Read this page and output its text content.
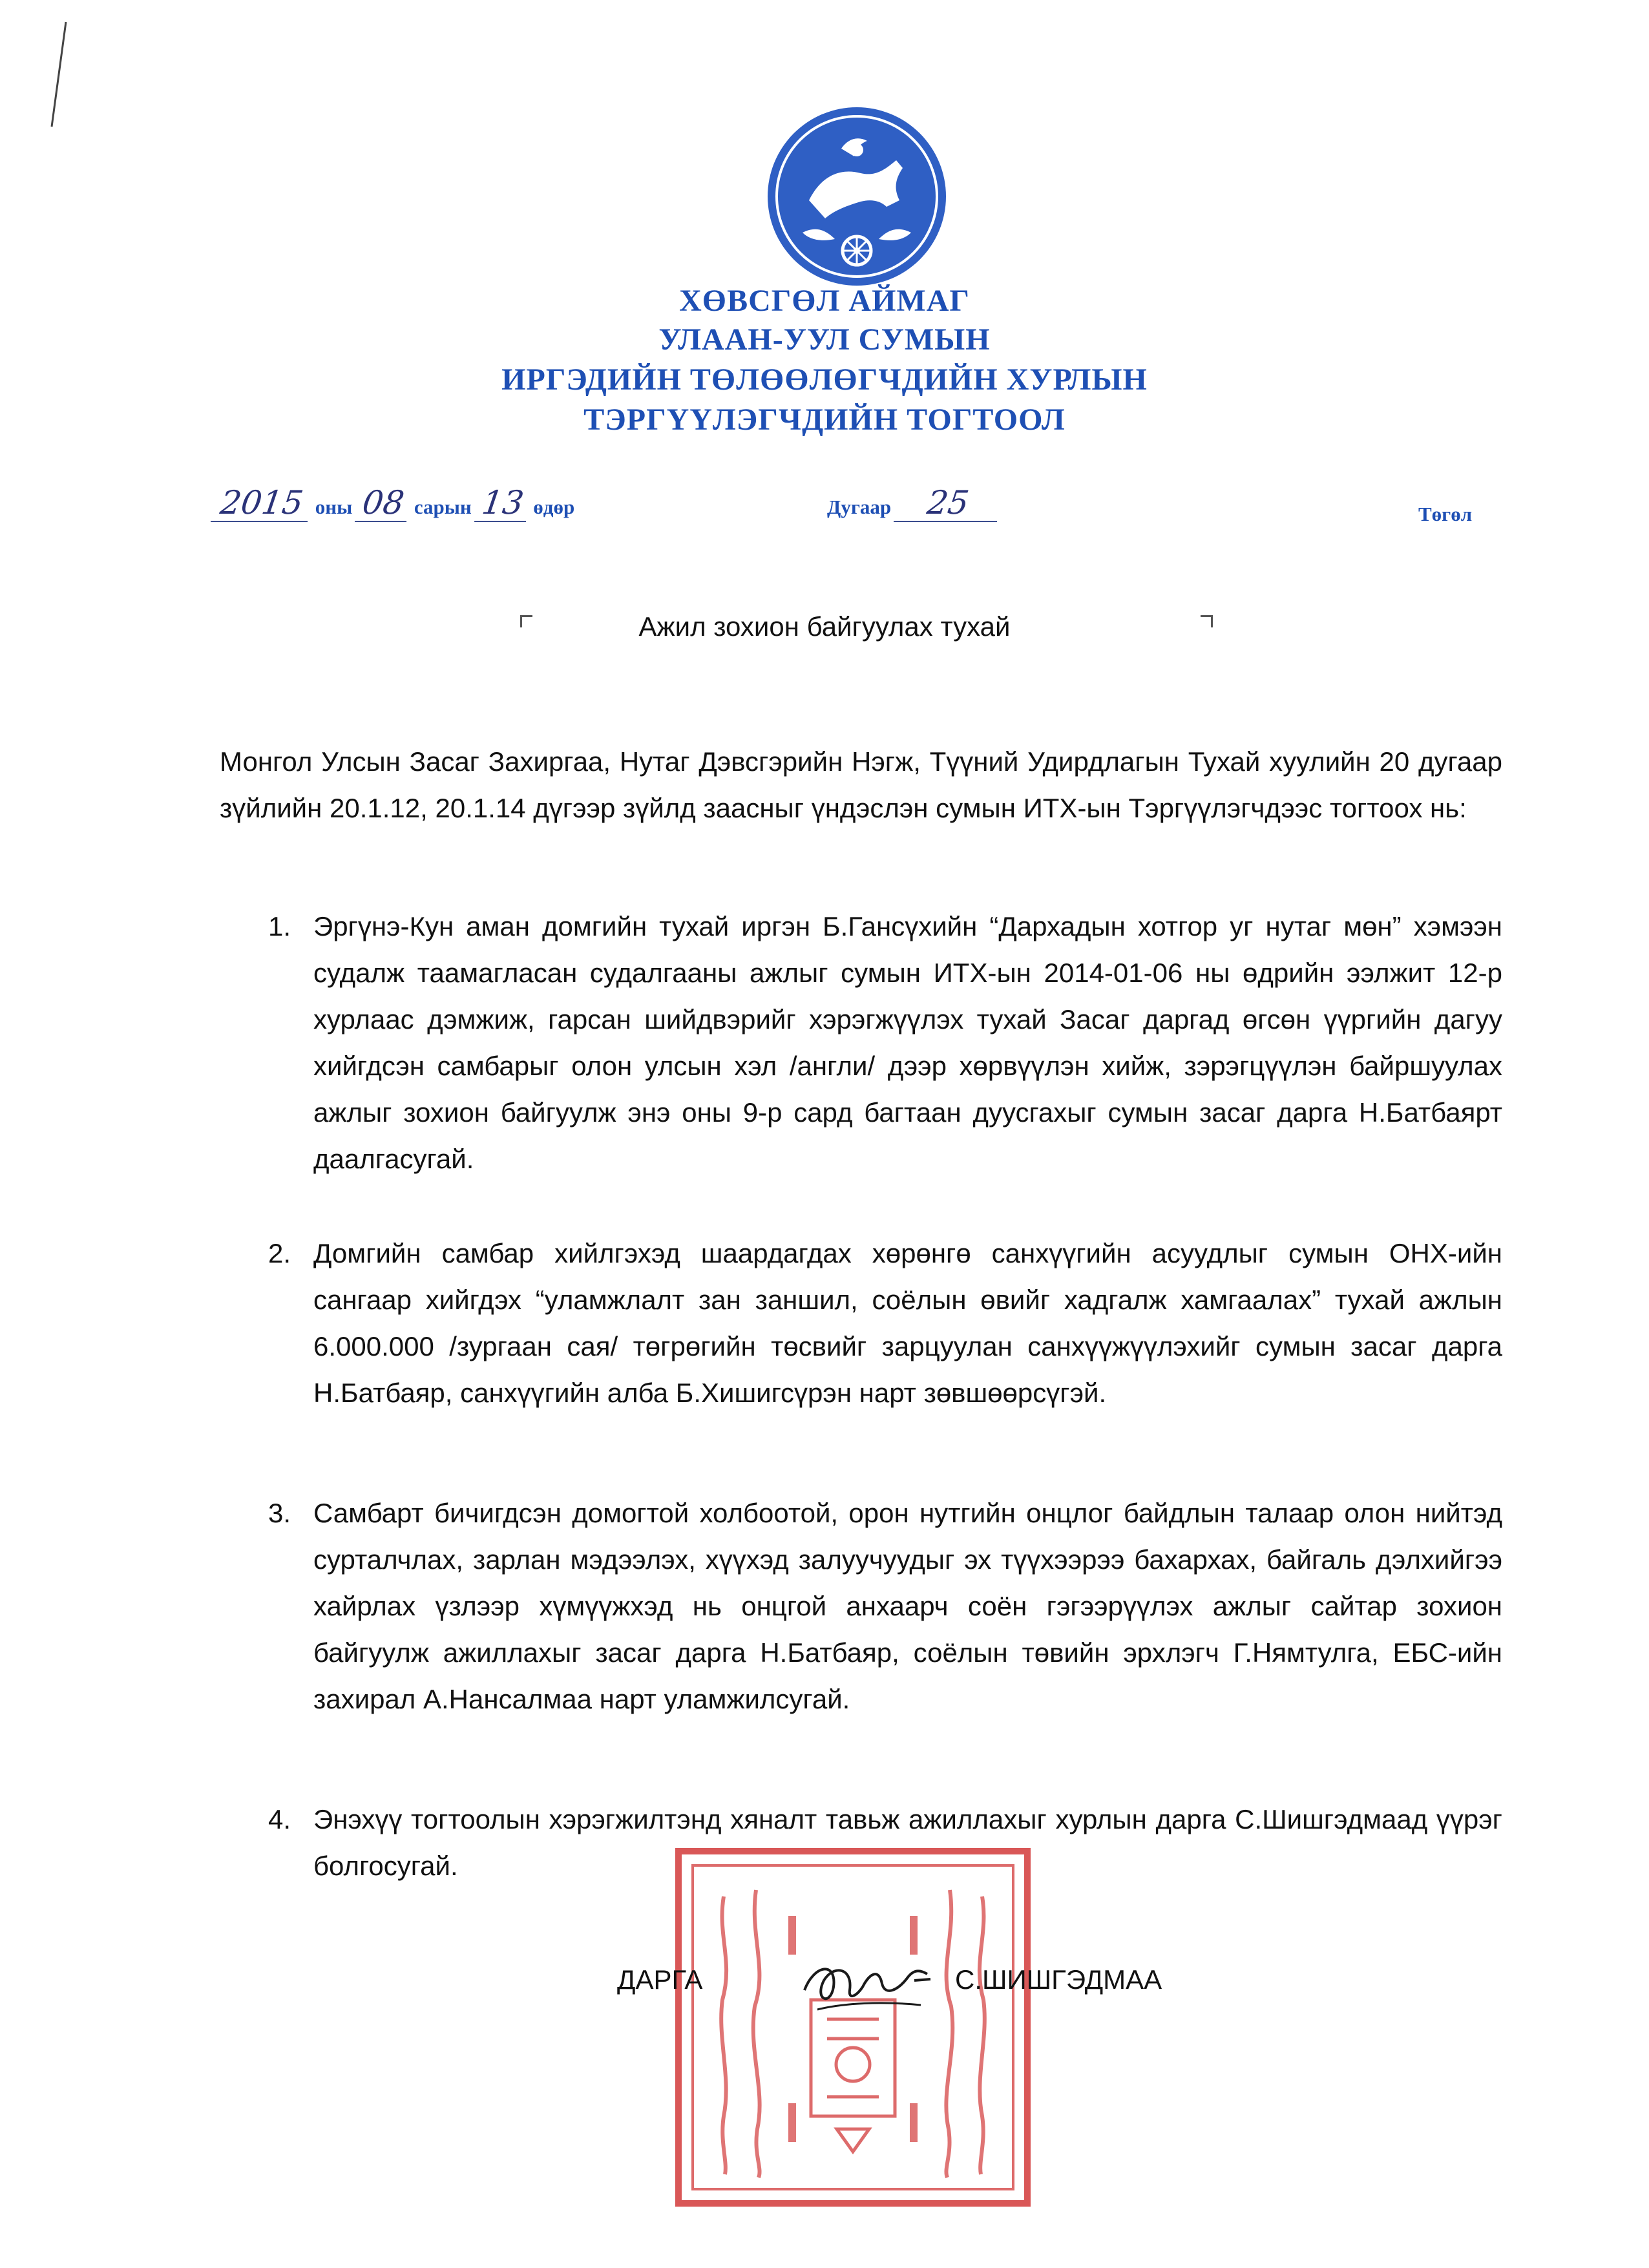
ХӨВСГӨЛ АЙМАГ
УЛААН-УУЛ СУМЫН
ИРГЭДИЙН ТӨЛӨӨЛӨГЧДИЙН ХУРЛЫН
ТЭРГҮҮЛЭГЧДИЙН ТОГТООЛ
2015 оны 08 сарын 13 өдөр	Дугаар 25	Төгөл
Ажил зохион байгуулах тухай
Монгол Улсын Засаг Захиргаа, Нутаг Дэвсгэрийн Нэгж, Түүний Удирдлагын Тухай хуулийн 20 дугаар зүйлийн 20.1.12, 20.1.14 дүгээр зүйлд заасныг үндэслэн сумын ИТХ-ын Тэргүүлэгчдээс тогтоох нь:
1. Эргүнэ-Кун аман домгийн тухай иргэн Б.Гансүхийн “Дархадын хотгор уг нутаг мөн” хэмээн судалж таамагласан судалгааны ажлыг сумын ИТХ-ын 2014-01-06 ны өдрийн ээлжит 12-р хурлаас дэмжиж, гарсан шийдвэрийг хэрэгжүүлэх тухай Засаг даргад өгсөн үүргийн дагуу хийгдсэн самбарыг олон улсын хэл /англи/ дээр хөрвүүлэн хийж, зэрэгцүүлэн байршуулах ажлыг зохион байгуулж энэ оны 9-р сард багтаан дуусгахыг сумын засаг дарга Н.Батбаярт даалгасугай.
2. Домгийн самбар хийлгэхэд шаардагдах хөрөнгө санхүүгийн асуудлыг сумын ОНХ-ийн сангаар хийгдэх “уламжлалт зан заншил, соёлын өвийг хадгалж хамгаалах” тухай ажлын 6.000.000 /зургаан сая/ төгрөгийн төсвийг зарцуулан санхүүжүүлэхийг сумын засаг дарга Н.Батбаяр, санхүүгийн алба Б.Хишигсүрэн нарт зөвшөөрсүгэй.
3. Самбарт бичигдсэн домогтой холбоотой, орон нутгийн онцлог байдлын талаар олон нийтэд сурталчлах, зарлан мэдээлэх, хүүхэд залуучуудыг эх түүхээрээ бахархах, байгаль дэлхийгээ хайрлах үзлээр хүмүүжхэд нь онцгой анхаарч соён гэгээрүүлэх ажлыг сайтар зохион байгуулж ажиллахыг засаг дарга Н.Батбаяр, соёлын төвийн эрхлэгч Г.Нямтулга, ЕБС-ийн захирал А.Нансалмаа нарт уламжилсугай.
4. Энэхүү тогтоолын хэрэгжилтэнд хяналт тавьж ажиллахыг хурлын дарга С.Шишгэдмаад үүрэг болгосугай.
ДАРГА	С.ШИШГЭДМАА
